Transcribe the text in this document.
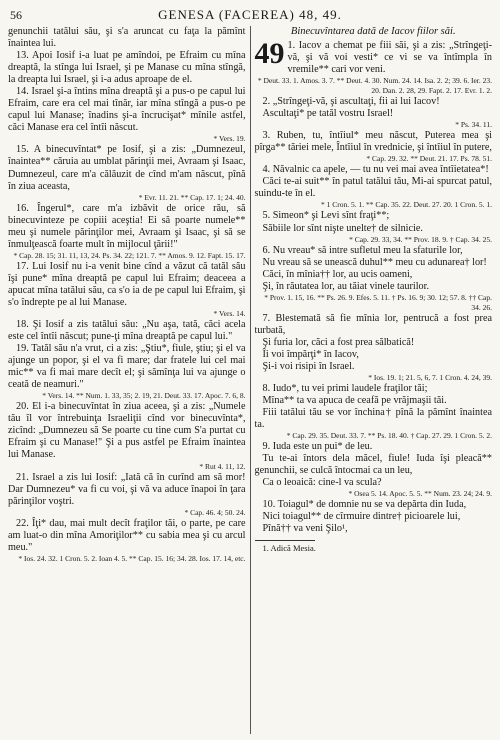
56	GENESA (FACEREA) 48, 49.

genunchii tatălui său, şi s'a aruncat cu faţa la pămînt înaintea lui.

13. Apoi Iosif i-a luat pe amîndoi, pe Efraim cu mîna dreaptă, la stînga lui Israel, şi pe Manase cu mîna stîngă, la dreapta lui Israel, şi i-a adus aproape de el.

14. Israel şi-a întins mîna dreaptă şi a pus-o pe capul lui Efraim, care era cel mai tînăr, iar mîna stîngă a pus-o pe capul lui Manase; înadins şi-a încrucişat* mînile astfel, căci Manase era cel întîi născut.

* Vers. 19.

15. A binecuvîntat* pe Iosif, şi a zis: „Dumnezeul, înaintea** căruia au umblat părinţii mei, Avraam şi Isaac, Dumnezeul, care m'a călăuzit de cînd m'am născut, pînă în ziua aceasta,

* Evr. 11. 21. ** Cap. 17. 1; 24. 40.

16. Îngerul*, care m'a izbăvit de orice rău, să binecuvinteze pe copiii aceştia! Ei să poarte numele** meu şi numele părinţilor mei, Avraam şi Isaac, şi să se înmulţească foarte mult în mijlocul ţării!"

* Cap. 28. 15; 31. 11, 13, 24. Ps. 34. 22; 121. 7. ** Amos. 9. 12. Fapt. 15. 17.

17. Lui Iosif nu i-a venit bine cînd a văzut că tatăl său îşi pune* mîna dreaptă pe capul lui Efraim; deaceea a apucat mîna tatălui său, ca s'o ia de pe capul lui Efraim, şi s'o îndrepte pe al lui Manase.

* Vers. 14.

18. Şi Iosif a zis tatălui său: „Nu aşa, tată, căci acela este cel întîi născut; pune-ţi mîna dreaptă pe capul lui."

19. Tatăl său n'a vrut, ci a zis: „Ştiu*, fiule, ştiu; şi el va ajunge un popor, şi el va fi mare; dar fratele lui cel mai mic** va fi mai mare decît el; şi sămînţa lui va ajunge o ceată de neamuri."

* Vers. 14. ** Num. 1. 33, 35; 2. 19, 21. Deut. 33. 17. Apoc. 7. 6, 8.

20. El i-a binecuvîntat în ziua aceea, şi a zis: „Numele tău îl vor întrebuinţa Israeliţii cînd vor binecuvînta*, zicînd: „Dumnezeu să Se poarte cu tine cum S'a purtat cu Efraim şi cu Manase!" Şi a pus astfel pe Efraim înaintea lui Manase.

* Rut 4. 11, 12.

21. Israel a zis lui Iosif: „Iată că în curînd am să mor! Dar Dumnezeu* va fi cu voi, şi vă va aduce înapoi în ţara părinţilor voştri.

* Cap. 46. 4; 50. 24.

22. Îţi* dau, mai mult decît fraţilor tăi, o parte, pe care am luat-o din mîna Amoriţilor** cu sabia mea şi cu arcul meu."

* Ios. 24. 32. 1 Cron. 5. 2. Ioan 4. 5. ** Cap. 15. 16; 34. 28. Ios. 17. 14, etc.

Binecuvîntarea dată de Iacov fiilor săi.
49 1. Iacov a chemat pe fiii săi, şi a zis: „Strîngeţi-vă, şi vă voi vesti* ce vi se va întîmpla în vremile** cari vor veni.

* Deut. 33. 1. Amos. 3. 7. ** Deut. 4. 30. Num. 24. 14. Isa. 2. 2; 39. 6. Ier. 23. 20. Dan. 2. 28, 29. Fapt. 2. 17. Evr. 1. 2.

2. „Strîngeţi-vă, şi ascultaţi, fii ai lui Iacov!

Ascultaţi* pe tatăl vostru Israel!

* Ps. 34. 11.

3. Ruben, tu, întîiul* meu născut, Puterea mea şi pîrga** tăriei mele, Întîiul în vrednicie, şi întîiul în putere,

* Cap. 29. 32. ** Deut. 21. 17. Ps. 78. 51.

4. Năvalnic ca apele, — tu nu vei mai avea întîietatea*!

Căci te-ai suit** în patul tatălui tău, Mi-ai spurcat patul, suindu-te în el.

* 1 Cron. 5. 1. ** Cap. 35. 22. Deut. 27. 20. 1 Cron. 5. 1.

5. Simeon* şi Levi sînt fraţi**;

Săbiile lor sînt nişte unelte† de silnicie.

* Cap. 29. 33, 34. ** Prov. 18. 9. † Cap. 34. 25.

6. Nu vreau* să intre sufletul meu la sfaturile lor,

Nu vreau să se unească duhul** meu cu adunarea† lor!

Căci, în mînia†† lor, au ucis oameni,

Şi, în răutatea lor, au tăiat vinele taurilor.

* Prov. 1. 15, 16. ** Ps. 26. 9. Efes. 5. 11. † Ps. 16. 9; 30. 12; 57. 8. †† Cap. 34. 26.

7. Blestemată să fie mînia lor, pentrucă a fost prea turbată,

Şi furia lor, căci a fost prea sălbatică!

Îi voi împărţi* în Iacov,

Şi-i voi risipi în Israel.

* Ios. 19. 1; 21. 5, 6, 7. 1 Cron. 4. 24, 39.

8. Iudo*, tu vei primi laudele fraţilor tăi;

Mîna** ta va apuca de ceafă pe vrăjmaşii tăi.

Fiii tatălui tău se vor închina† pînă la pămînt înaintea ta.

* Cap. 29. 35. Deut. 33. 7. ** Ps. 18. 40. † Cap. 27. 29. 1 Cron. 5. 2.

9. Iuda este un pui* de leu.

Tu te-ai întors dela măcel, fiule! Iuda îşi pleacă** genunchii, se culcă întocmai ca un leu,

Ca o leoaică: cine-l va scula?

* Osea 5. 14. Apoc. 5. 5. ** Num. 23. 24; 24. 9.

10. Toiagul* de domnie nu se va depărta din Iuda,

Nici toiagul** de cîrmuire dintre† picioarele lui,

Pînă†† va veni Şilo¹,

1. Adică Mesia.
